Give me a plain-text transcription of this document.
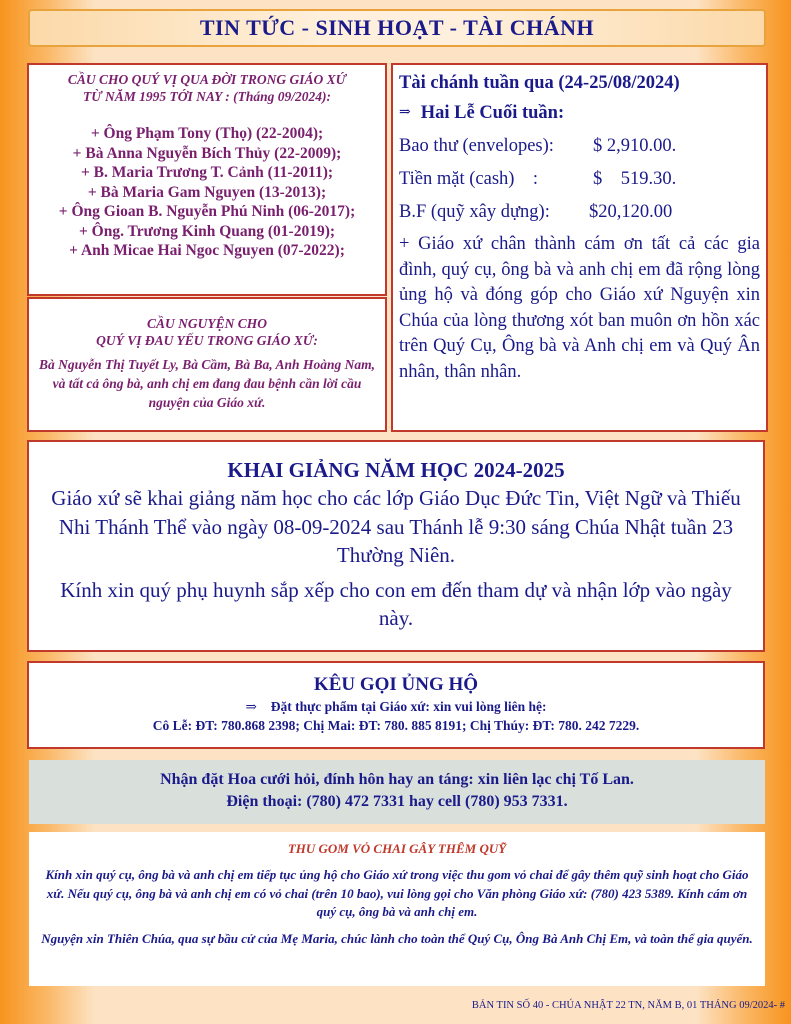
TIN TỨC - SINH HOẠT - TÀI CHÁNH
CẦU CHO QUÝ VỊ QUA ĐỜI TRONG GIÁO XỨ
TỪ NĂM 1995 TỚI NAY : (Tháng 09/2024):
+ Ông Phạm Tony (Thọ) (22-2004);
+ Bà Anna Nguyễn Bích Thủy (22-2009);
+ B. Maria Trương T. Cảnh (11-2011);
+ Bà Maria Gam Nguyen (13-2013);
+ Ông Gioan B. Nguyễn Phú Ninh (06-2017);
+ Ông. Trương Kinh Quang (01-2019);
+ Anh Micae Hai Ngoc Nguyen (07-2022);
CẦU NGUYỆN CHO
QUÝ VỊ ĐAU YẾU TRONG GIÁO XỨ:
Bà Nguyễn Thị Tuyết Ly, Bà Cầm, Bà Ba, Anh Hoàng Nam, và tất cả ông bà, anh chị em đang đau bệnh cần lời cầu nguyện của Giáo xứ.
Tài chánh tuần qua (24-25/08/2024)
⇒ Hai Lễ Cuối tuần:
Bao thư (envelopes):	$ 2,910.00.
Tiền mặt (cash)    :	$    519.30.
B.F (quỹ xây dựng):	$20,120.00
+ Giáo xứ chân thành cám ơn tất cả các gia đình, quý cụ, ông bà và anh chị em đã rộng lòng ủng hộ và đóng góp cho Giáo xứ Nguyện xin Chúa của lòng thương xót ban muôn ơn hồn xác trên Quý Cụ, Ông bà và Anh chị em và Quý Ân nhân, thân nhân.
KHAI GIẢNG NĂM HỌC 2024-2025
Giáo xứ sẽ khai giảng năm học cho các lớp Giáo Dục Đức Tin, Việt Ngữ và Thiếu Nhi Thánh Thể vào ngày 08-09-2024 sau Thánh lễ 9:30 sáng Chúa Nhật tuần 23 Thường Niên.
Kính xin quý phụ huynh sắp xếp cho con em đến tham dự và nhận lớp vào ngày này.
KÊU GỌI ỦNG HỘ
⇒ Đặt thực phẩm tại Giáo xứ: xin vui lòng liên hệ:
Cô Lễ: ĐT: 780.868 2398; Chị Mai: ĐT: 780. 885 8191; Chị Thúy: ĐT: 780. 242 7229.
Nhận đặt Hoa cưới hỏi, đính hôn hay an táng: xin liên lạc chị Tố Lan.
Điện thoại: (780) 472 7331 hay cell (780) 953 7331.
THU GOM VỎ CHAI GÂY THÊM QUỸ
Kính xin quý cụ, ông bà và anh chị em tiếp tục ủng hộ cho Giáo xứ trong việc thu gom vỏ chai để gây thêm quỹ sinh hoạt cho Giáo xứ. Nếu quý cụ, ông bà và anh chị em có vỏ chai (trên 10 bao), vui lòng gọi cho Văn phòng Giáo xứ: (780) 423 5389. Kính cám ơn quý cụ, ông bà và anh chị em.
Nguyện xin Thiên Chúa, qua sự bầu cử của Mẹ Maria, chúc lành cho toàn thể Quý Cụ, Ông Bà Anh Chị Em, và toàn thể gia quyến.
BẢN TIN SỐ 40 - CHÚA NHẬT 22 TN, NĂM B, 01 THÁNG 09/2024- #
